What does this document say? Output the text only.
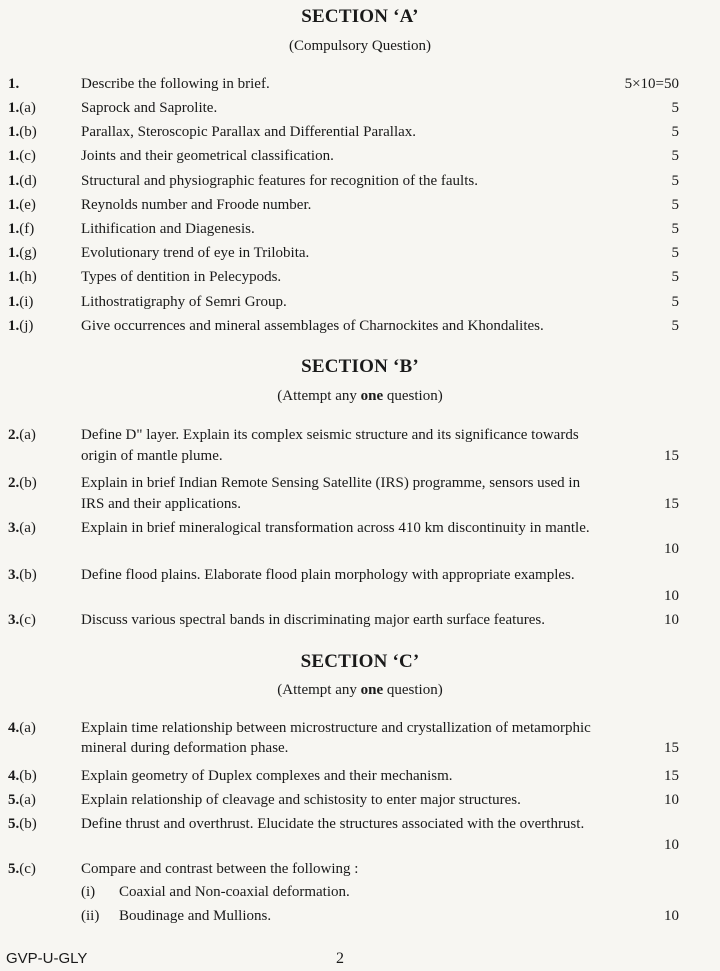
SECTION ‘A’
(Compulsory Question)
1.	Describe the following in brief.	5×10=50
1.(a)	Saprock and Saprolite.	5
1.(b)	Parallax, Steroscopic Parallax and Differential Parallax.	5
1.(c)	Joints and their geometrical classification.	5
1.(d)	Structural and physiographic features for recognition of the faults.	5
1.(e)	Reynolds number and Froode number.	5
1.(f)	Lithification and Diagenesis.	5
1.(g)	Evolutionary trend of eye in Trilobita.	5
1.(h)	Types of dentition in Pelecypods.	5
1.(i)	Lithostratigraphy of Semri Group.	5
1.(j)	Give occurrences and mineral assemblages of Charnockites and Khondalites.	5
SECTION ‘B’
(Attempt any one question)
2.(a)	Define D" layer. Explain its complex seismic structure and its significance towards
origin of mantle plume.	15
2.(b)	Explain in brief Indian Remote Sensing Satellite (IRS) programme, sensors used in
IRS and their applications.	15
3.(a)	Explain in brief mineralogical transformation across 410 km discontinuity in mantle.
10
3.(b)	Define flood plains. Elaborate flood plain morphology with appropriate examples.
10
3.(c)	Discuss various spectral bands in discriminating major earth surface features.	10
SECTION ‘C’
(Attempt any one question)
4.(a)	Explain time relationship between microstructure and crystallization of metamorphic
mineral during deformation phase.	15
4.(b)	Explain geometry of Duplex complexes and their mechanism.	15
5.(a)	Explain relationship of cleavage and schistosity to enter major structures.	10
5.(b)	Define thrust and overthrust. Elucidate the structures associated with the overthrust.
10
5.(c)	Compare and contrast between the following :
(i) Coaxial and Non-coaxial deformation.
(ii) Boudinage and Mullions.	10
GVP-U-GLY	2
